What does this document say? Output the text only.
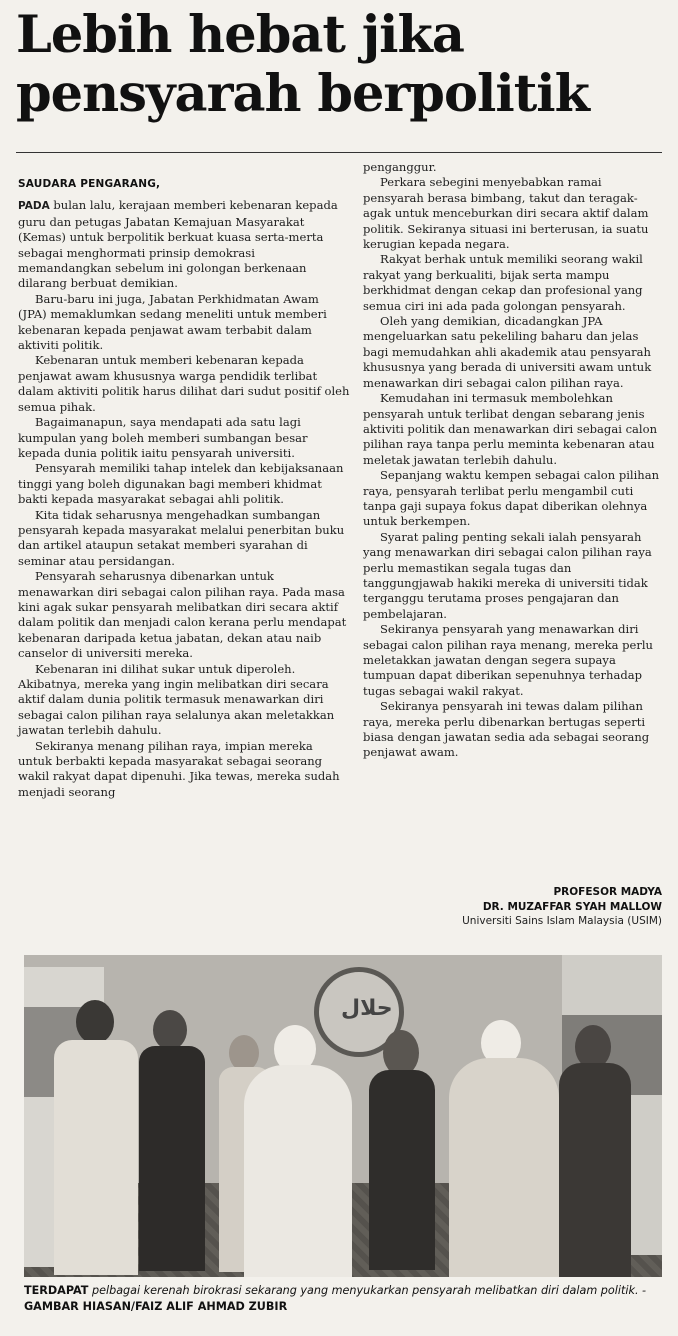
Lebih hebat jika pensyarah berpolitik
SAUDARA PENGARANG,

PADA bulan lalu, kerajaan memberi kebenaran kepada guru dan petugas Jabatan Kemajuan Masyarakat (Kemas) untuk berpolitik berkuat kuasa serta-merta sebagai menghormati prinsip demokrasi memandangkan sebelum ini golongan berkenaan dilarang berbuat demikian.

Baru-baru ini juga, Jabatan Perkhidmatan Awam (JPA) memaklumkan sedang meneliti untuk memberi kebenaran kepada penjawat awam terbabit dalam aktiviti politik.

Kebenaran untuk memberi kebenaran kepada penjawat awam khususnya warga pendidik terlibat dalam aktiviti politik harus dilihat dari sudut positif oleh semua pihak.

Bagaimanapun, saya mendapati ada satu lagi kumpulan yang boleh memberi sumbangan besar kepada dunia politik iaitu pensyarah universiti.

Pensyarah memiliki tahap intelek dan kebijaksanaan tinggi yang boleh digunakan bagi memberi khidmat bakti kepada masyarakat sebagai ahli politik.

Kita tidak seharusnya mengehadkan sumbangan pensyarah kepada masyarakat melalui penerbitan buku dan artikel ataupun setakat memberi syarahan di seminar atau persidangan.

Pensyarah seharusnya dibenarkan untuk menawarkan diri sebagai calon pilihan raya. Pada masa kini agak sukar pensyarah melibatkan diri secara aktif dalam politik dan menjadi calon kerana perlu mendapat kebenaran daripada ketua jabatan, dekan atau naib canselor di universiti mereka.

Kebenaran ini dilihat sukar untuk diperoleh. Akibatnya, mereka yang ingin melibatkan diri secara aktif dalam dunia politik termasuk menawarkan diri sebagai calon pilihan raya selalunya akan meletakkan jawatan terlebih dahulu.

Sekiranya menang pilihan raya, impian mereka untuk berbakti kepada masyarakat sebagai seorang wakil rakyat dapat dipenuhi. Jika tewas, mereka sudah menjadi seorang

penganggur.

Perkara sebegini menyebabkan ramai pensyarah berasa bimbang, takut dan teragak-agak untuk menceburkan diri secara aktif dalam politik. Sekiranya situasi ini berterusan, ia suatu kerugian kepada negara.

Rakyat berhak untuk memiliki seorang wakil rakyat yang berkualiti, bijak serta mampu berkhidmat dengan cekap dan profesional yang semua ciri ini ada pada golongan pensyarah.

Oleh yang demikian, dicadangkan JPA mengeluarkan satu pekeliling baharu dan jelas bagi memudahkan ahli akademik atau pensyarah khususnya yang berada di universiti awam untuk menawarkan diri sebagai calon pilihan raya.

Kemudahan ini termasuk membolehkan pensyarah untuk terlibat dengan sebarang jenis aktiviti politik dan menawarkan diri sebagai calon pilihan raya tanpa perlu meminta kebenaran atau meletak jawatan terlebih dahulu.

Sepanjang waktu kempen sebagai calon pilihan raya, pensyarah terlibat perlu mengambil cuti tanpa gaji supaya fokus dapat diberikan olehnya untuk berkempen.

Syarat paling penting sekali ialah pensyarah yang menawarkan diri sebagai calon pilihan raya perlu memastikan segala tugas dan tanggungjawab hakiki mereka di universiti tidak terganggu terutama proses pengajaran dan pembelajaran.

Sekiranya pensyarah yang menawarkan diri sebagai calon pilihan raya menang, mereka perlu meletakkan jawatan dengan segera supaya tumpuan dapat diberikan sepenuhnya terhadap tugas sebagai wakil rakyat.

Sekiranya pensyarah ini tewas dalam pilihan raya, mereka perlu dibenarkan bertugas seperti biasa dengan jawatan sedia ada sebagai seorang penjawat awam.

PROFESOR MADYA
DR. MUZAFFAR SYAH MALLOW
Universiti Sains Islam Malaysia (USIM)
حلال
TERDAPAT pelbagai kerenah birokrasi sekarang yang menyukarkan pensyarah melibatkan diri dalam politik. - GAMBAR HIASAN/FAIZ ALIF AHMAD ZUBIR
